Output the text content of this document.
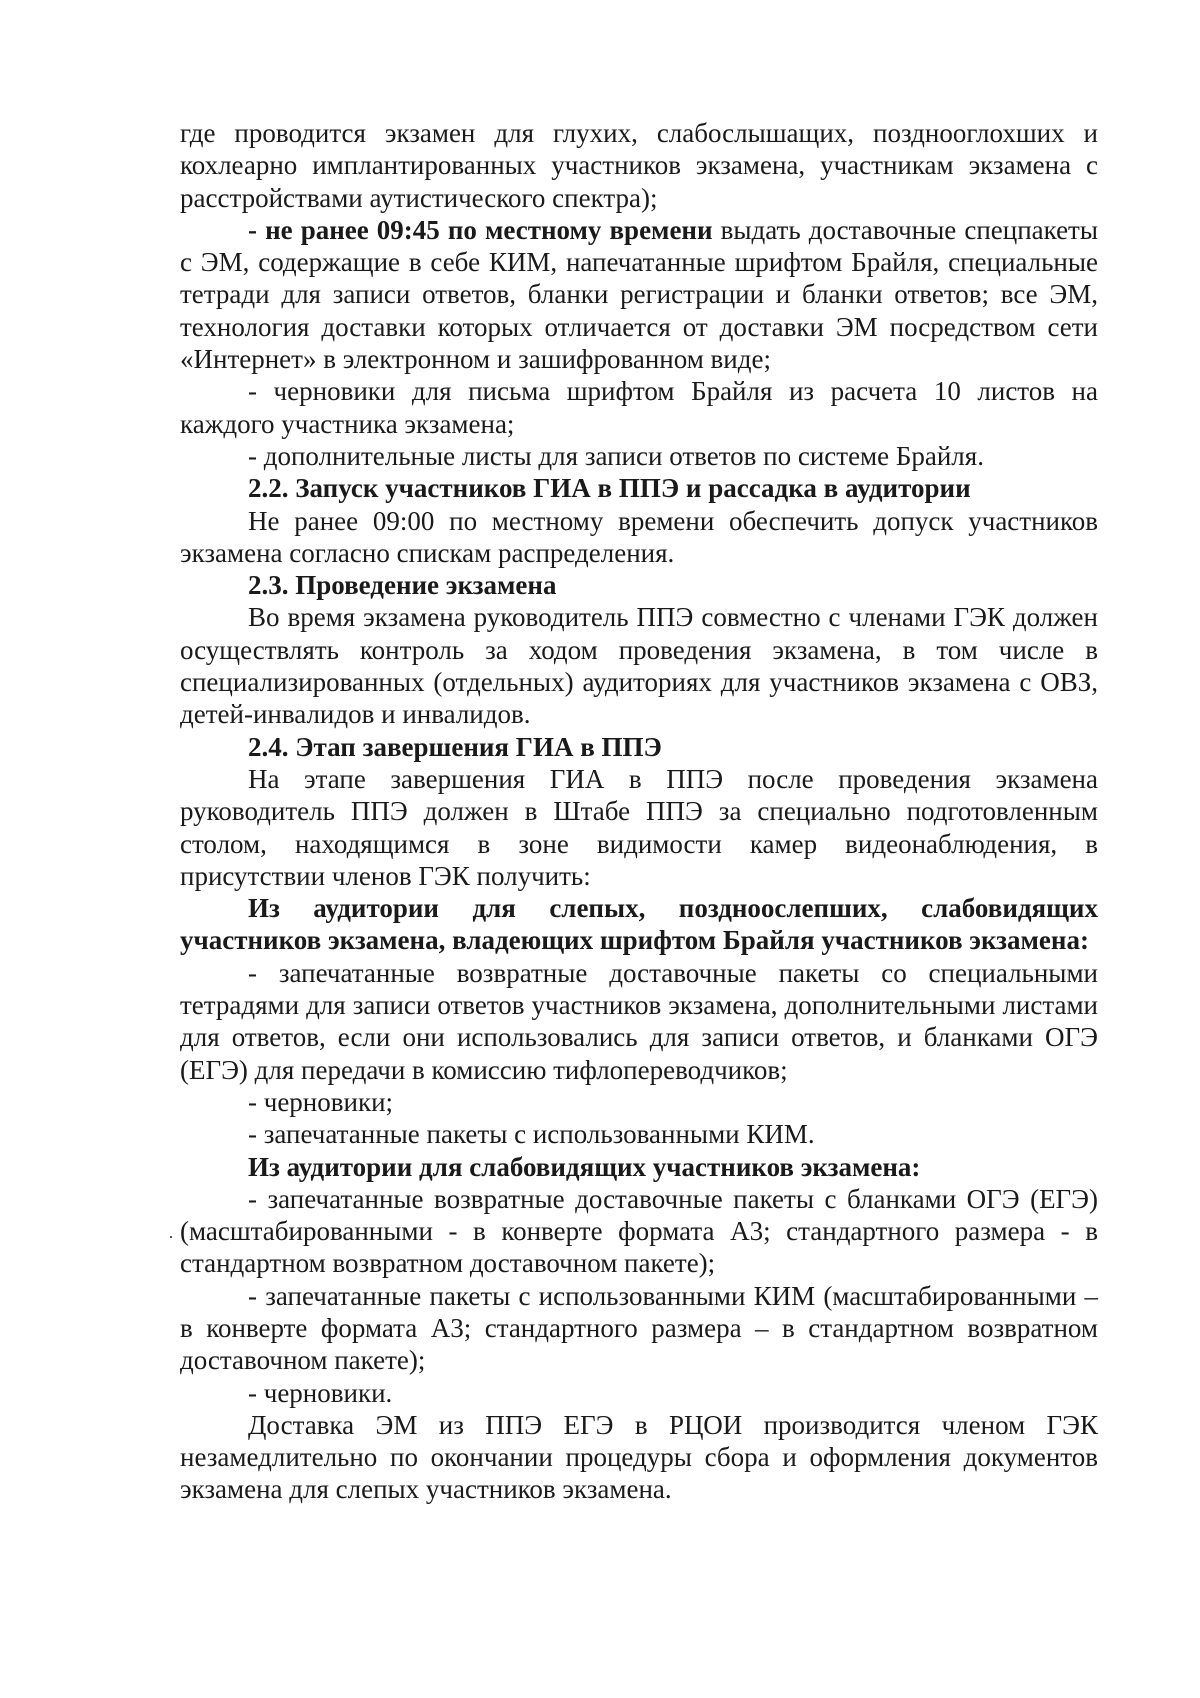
где проводится экзамен для глухих, слабослышащих, позднооглохших и кохлеарно имплантированных участников экзамена, участникам экзамена с расстройствами аутистического спектра);

- не ранее 09:45 по местному времени выдать доставочные спецпакеты с ЭМ, содержащие в себе КИМ, напечатанные шрифтом Брайля, специальные тетради для записи ответов, бланки регистрации и бланки ответов; все ЭМ, технология доставки которых отличается от доставки ЭМ посредством сети «Интернет» в электронном и зашифрованном виде;

- черновики для письма шрифтом Брайля из расчета 10 листов на каждого участника экзамена;

- дополнительные листы для записи ответов по системе Брайля.

2.2. Запуск участников ГИА в ППЭ и рассадка в аудитории

Не ранее 09:00 по местному времени обеспечить допуск участников экзамена согласно спискам распределения.

2.3. Проведение экзамена

Во время экзамена руководитель ППЭ совместно с членами ГЭК должен осуществлять контроль за ходом проведения экзамена, в том числе в специализированных (отдельных) аудиториях для участников экзамена с ОВЗ, детей-инвалидов и инвалидов.

2.4. Этап завершения ГИА в ППЭ

На этапе завершения ГИА в ППЭ после проведения экзамена руководитель ППЭ должен в Штабе ППЭ за специально подготовленным столом, находящимся в зоне видимости камер видеонаблюдения, в присутствии членов ГЭК получить:

Из аудитории для слепых, поздноослепших, слабовидящих участников экзамена, владеющих шрифтом Брайля участников экзамена:

- запечатанные возвратные доставочные пакеты со специальными тетрадями для записи ответов участников экзамена, дополнительными листами для ответов, если они использовались для записи ответов, и бланками ОГЭ (ЕГЭ) для передачи в комиссию тифлопереводчиков;

- черновики;

- запечатанные пакеты с использованными КИМ.

Из аудитории для слабовидящих участников экзамена:

- запечатанные возвратные доставочные пакеты с бланками ОГЭ (ЕГЭ) (масштабированными - в конверте формата А3; стандартного размера - в стандартном возвратном доставочном пакете);

- запечатанные пакеты с использованными КИМ (масштабированными – в конверте формата А3; стандартного размера – в стандартном возвратном доставочном пакете);

- черновики.

Доставка ЭМ из ППЭ ЕГЭ в РЦОИ производится членом ГЭК незамедлительно по окончании процедуры сбора и оформления документов экзамена для слепых участников экзамена.
